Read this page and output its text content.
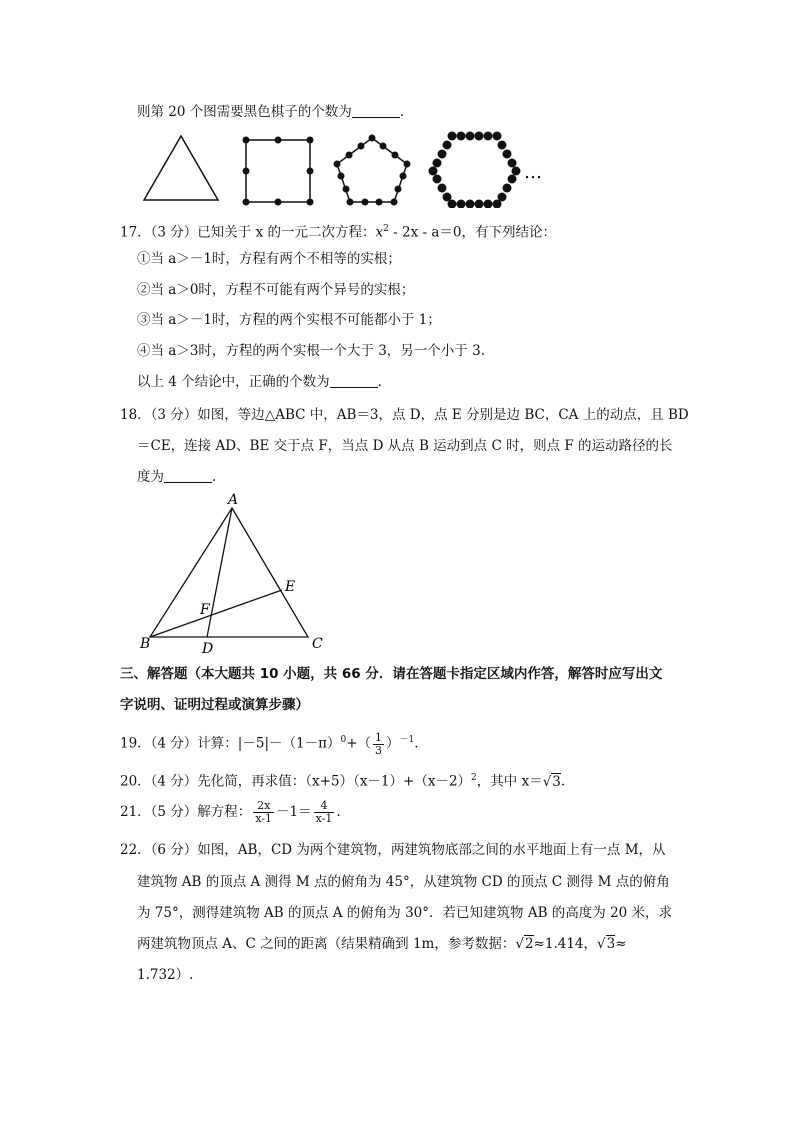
则第 20 个图需要黑色棋子的个数为	.
…
17．（3 分）已知关于 x 的一元二次方程：$x^2 - 2x - a=0$，有下列结论：
①当 a＞－1时，方程有两个不相等的实根；
②当 a＞0时，方程不可能有两个异号的实根；
③当 a＞－1时，方程的两个实根不可能都小于 1；
④当 a＞3时，方程的两个实根一个大于 3，另一个小于 3.
以上 4 个结论中，正确的个数为	.
18．（3 分）如图，等边△ABC 中，AB＝3，点 D，点 E 分别是边 BC，CA 上的动点，且 BD
＝CE，连接 AD、BE 交于点 F，当点 D 从点 B 运动到点 C 时，则点 F 的运动路径的长
度为	.
A
B	C
D
E
F
三、解答题（本大题共 10 小题，共 66 分．请在答题卡指定区域内作答，解答时应写出文
字说明、证明过程或演算步骤）
19．（4 分）计算：$|-5|-(1-\pi)^0+( \frac{1}{3} )^{-1}$.
20．（4 分）先化简，再求值：$(x+5)(x-1)+(x-2)^2$，其中 x＝√3.
21．（5 分）解方程： $\frac{2x}{x-1} -1= \frac{4}{x-1}$ .
22．（6 分）如图，AB，CD 为两个建筑物，两建筑物底部之间的水平地面上有一点 M，从
建筑物 AB 的顶点 A 测得 M 点的俯角为 45°，从建筑物 CD 的顶点 C 测得 M 点的俯角
为 75°，测得建筑物 AB 的顶点 A 的俯角为 30°．若已知建筑物 AB 的高度为 20 米，求
两建筑物顶点 A、C 之间的距离（结果精确到 1m，参考数据：√2≈1.414，√3≈
1.732）.
